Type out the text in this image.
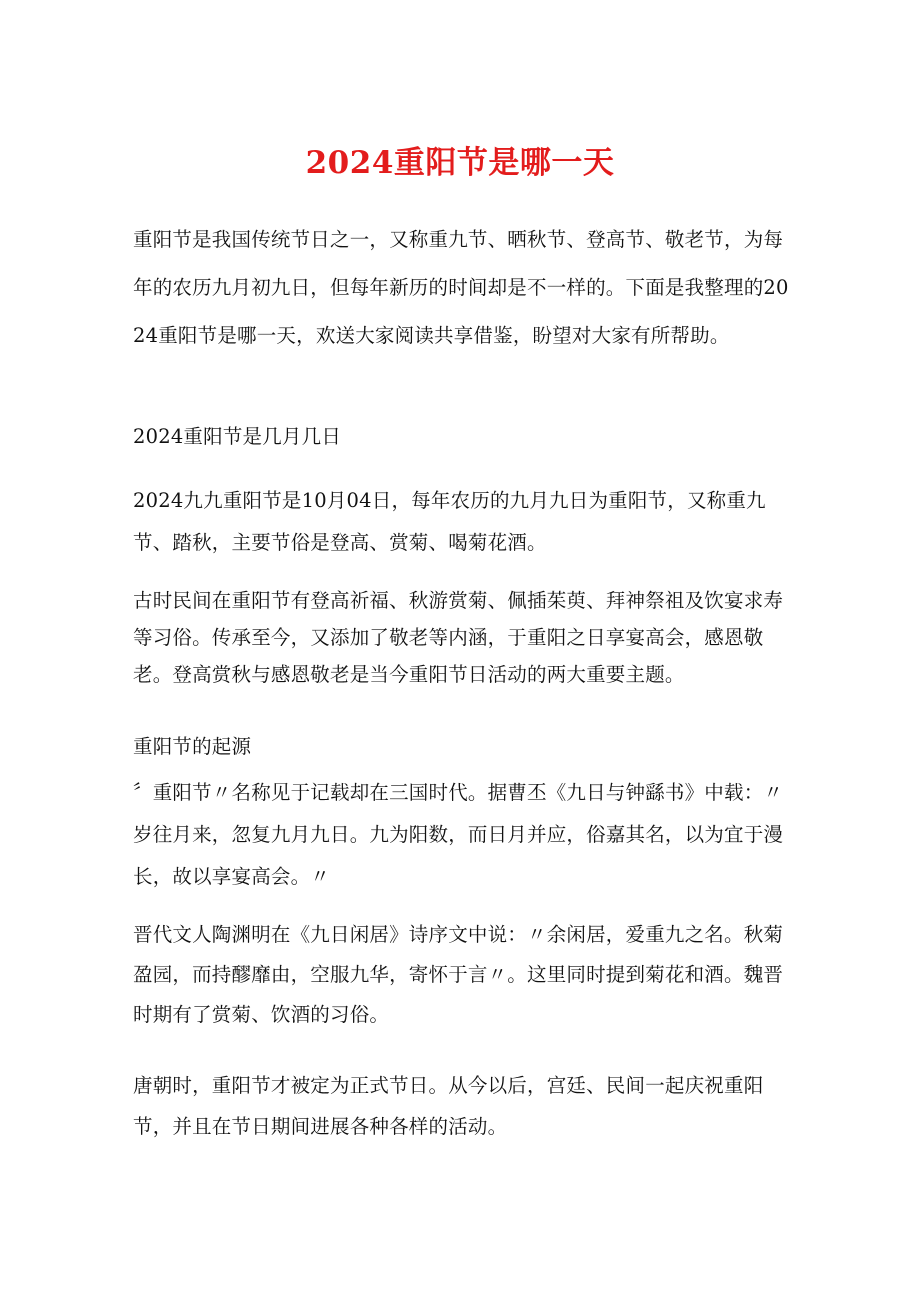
2024重阳节是哪一天

重阳节是我国传统节日之一，又称重九节、晒秋节、登高节、敬老节，为每年的农历九月初九日，但每年新历的时间却是不一样的。下面是我整理的2024重阳节是哪一天，欢送大家阅读共享借鉴，盼望对大家有所帮助。

2024重阳节是几月几日

2024九九重阳节是10月04日，每年农历的九月九日为重阳节，又称重九节、踏秋，主要节俗是登高、赏菊、喝菊花酒。

古时民间在重阳节有登高祈福、秋游赏菊、佩插茱萸、拜神祭祖及饮宴求寿等习俗。传承至今，又添加了敬老等内涵，于重阳之日享宴高会，感恩敬老。登高赏秋与感恩敬老是当今重阳节日活动的两大重要主题。

重阳节的起源

〞重阳节〃名称见于记载却在三国时代。据曹丕《九日与钟繇书》中载：〃岁往月来，忽复九月九日。九为阳数，而日月并应，俗嘉其名，以为宜于漫长，故以享宴高会。〃

晋代文人陶渊明在《九日闲居》诗序文中说：〃余闲居，爱重九之名。秋菊盈园，而持醪靡由，空服九华，寄怀于言〃。这里同时提到菊花和酒。魏晋时期有了赏菊、饮酒的习俗。

唐朝时，重阳节才被定为正式节日。从今以后，宫廷、民间一起庆祝重阳节，并且在节日期间进展各种各样的活动。
